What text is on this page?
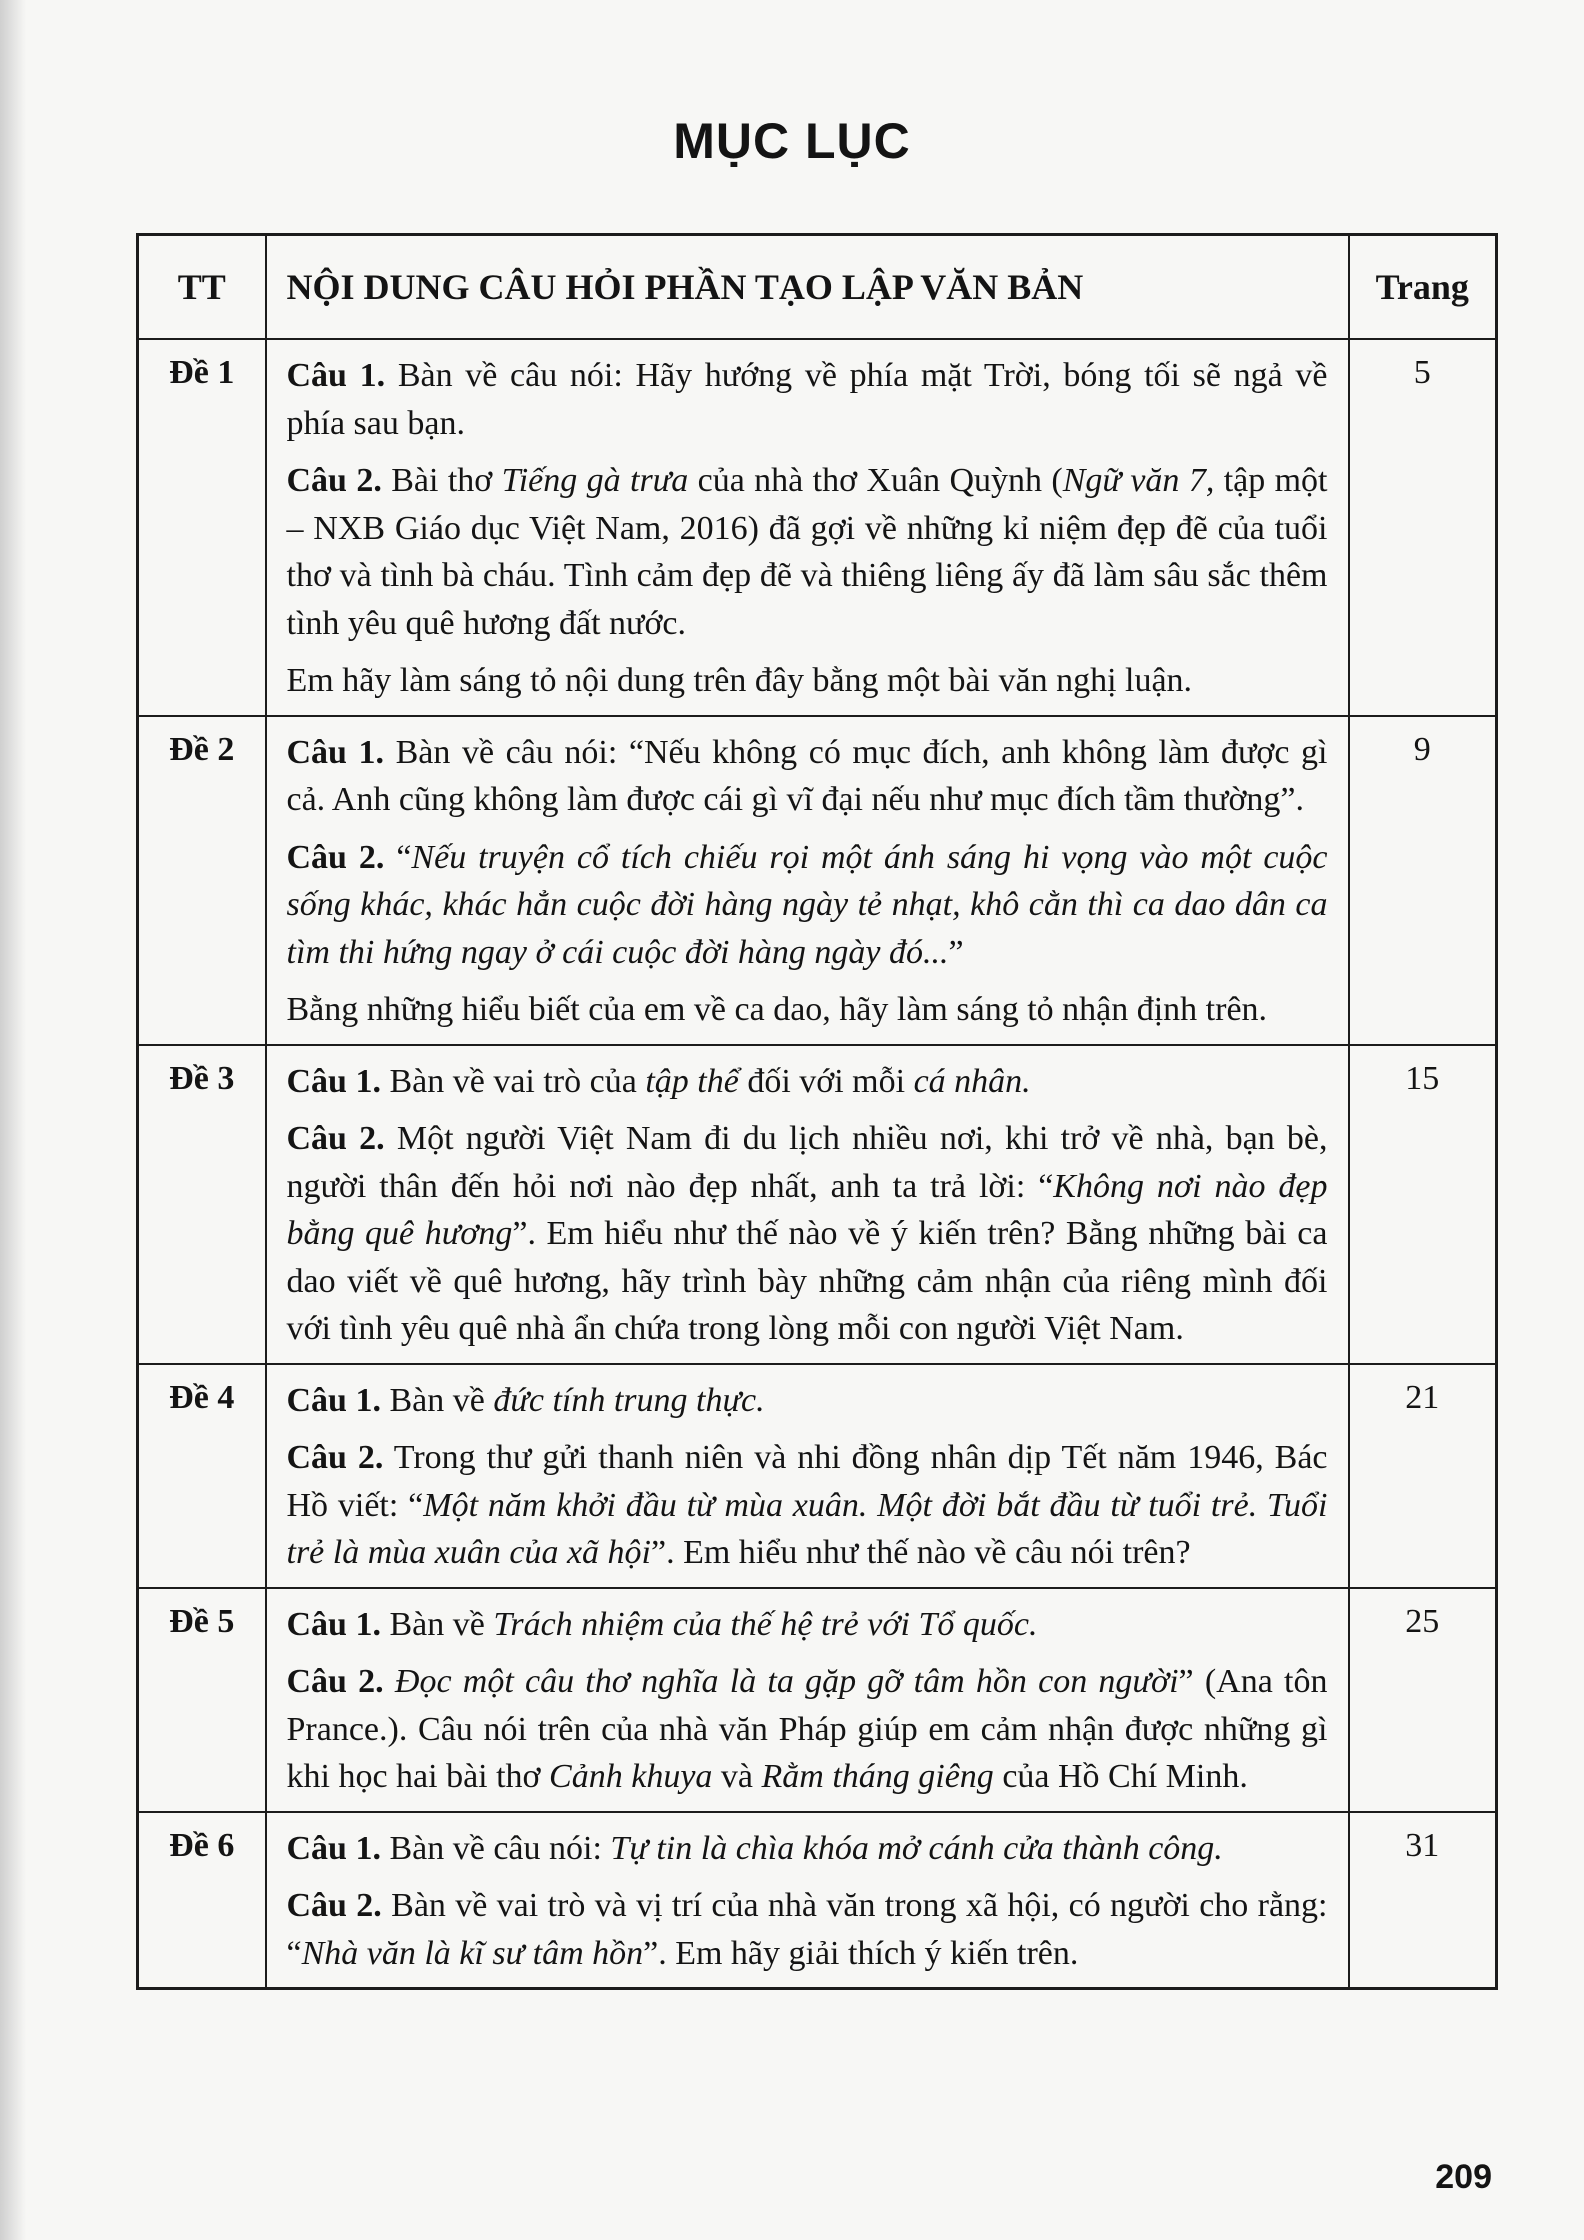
MỤC LỤC
TT	NỘI DUNG CÂU HỎI PHẦN TẠO LẬP VĂN BẢN	Trang
Đề 1	Câu 1. Bàn về câu nói: Hãy hướng về phía mặt Trời, bóng tối sẽ ngả về phía sau bạn.

Câu 2. Bài thơ Tiếng gà trưa của nhà thơ Xuân Quỳnh (Ngữ văn 7, tập một – NXB Giáo dục Việt Nam, 2016) đã gợi về những kỉ niệm đẹp đẽ của tuổi thơ và tình bà cháu. Tình cảm đẹp đẽ và thiêng liêng ấy đã làm sâu sắc thêm tình yêu quê hương đất nước.

Em hãy làm sáng tỏ nội dung trên đây bằng một bài văn nghị luận.	5
Đề 2	Câu 1. Bàn về câu nói: “Nếu không có mục đích, anh không làm được gì cả. Anh cũng không làm được cái gì vĩ đại nếu như mục đích tầm thường”.

Câu 2. “Nếu truyện cổ tích chiếu rọi một ánh sáng hi vọng vào một cuộc sống khác, khác hẳn cuộc đời hàng ngày tẻ nhạt, khô cằn thì ca dao dân ca tìm thi hứng ngay ở cái cuộc đời hàng ngày đó...”

Bằng những hiểu biết của em về ca dao, hãy làm sáng tỏ nhận định trên.	9
Đề 3	Câu 1. Bàn về vai trò của tập thể đối với mỗi cá nhân.

Câu 2. Một người Việt Nam đi du lịch nhiều nơi, khi trở về nhà, bạn bè, người thân đến hỏi nơi nào đẹp nhất, anh ta trả lời: “Không nơi nào đẹp bằng quê hương”. Em hiểu như thế nào về ý kiến trên? Bằng những bài ca dao viết về quê hương, hãy trình bày những cảm nhận của riêng mình đối với tình yêu quê nhà ẩn chứa trong lòng mỗi con người Việt Nam.	15
Đề 4	Câu 1. Bàn về đức tính trung thực.

Câu 2. Trong thư gửi thanh niên và nhi đồng nhân dịp Tết năm 1946, Bác Hồ viết: “Một năm khởi đầu từ mùa xuân. Một đời bắt đầu từ tuổi trẻ. Tuổi trẻ là mùa xuân của xã hội”. Em hiểu như thế nào về câu nói trên?	21
Đề 5	Câu 1. Bàn về Trách nhiệm của thế hệ trẻ với Tổ quốc.

Câu 2. Đọc một câu thơ nghĩa là ta gặp gỡ tâm hồn con người” (Ana tôn Prance.). Câu nói trên của nhà văn Pháp giúp em cảm nhận được những gì khi học hai bài thơ Cảnh khuya và Rằm tháng giêng của Hồ Chí Minh.	25
Đề 6	Câu 1. Bàn về câu nói: Tự tin là chìa khóa mở cánh cửa thành công.

Câu 2. Bàn về vai trò và vị trí của nhà văn trong xã hội, có người cho rằng: “Nhà văn là kĩ sư tâm hồn”. Em hãy giải thích ý kiến trên.	31
209
